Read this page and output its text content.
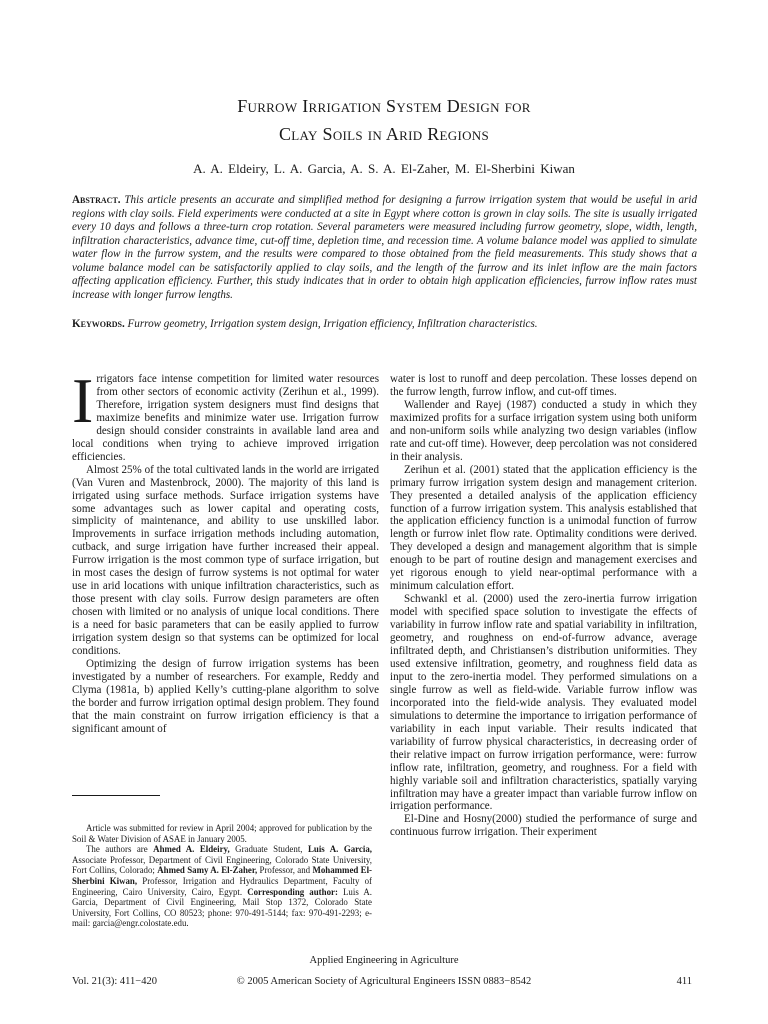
Furrow Irrigation System Design for
Clay Soils in Arid Regions
A. A. Eldeiry, L. A. Garcia, A. S. A. El-Zaher, M. El-Sherbini Kiwan
Abstract. This article presents an accurate and simplified method for designing a furrow irrigation system that would be useful in arid regions with clay soils. Field experiments were conducted at a site in Egypt where cotton is grown in clay soils. The site is usually irrigated every 10 days and follows a three-turn crop rotation. Several parameters were measured including furrow geometry, slope, width, length, infiltration characteristics, advance time, cut-off time, depletion time, and recession time. A volume balance model was applied to simulate water flow in the furrow system, and the results were compared to those obtained from the field measurements. This study shows that a volume balance model can be satisfactorily applied to clay soils, and the length of the furrow and its inlet inflow are the main factors affecting application efficiency. Further, this study indicates that in order to obtain high application efficiencies, furrow inflow rates must increase with longer furrow lengths.
Keywords. Furrow geometry, Irrigation system design, Irrigation efficiency, Infiltration characteristics.

Irrigators face intense competition for limited water resources from other sectors of economic activity (Zerihun et al., 1999). Therefore, irrigation system designers must find designs that maximize benefits and minimize water use. Irrigation furrow design should consider constraints in available land area and local conditions when trying to achieve improved irrigation efficiencies.

Almost 25% of the total cultivated lands in the world are irrigated (Van Vuren and Mastenbrock, 2000). The majority of this land is irrigated using surface methods. Surface irrigation systems have some advantages such as lower capital and operating costs, simplicity of maintenance, and ability to use unskilled labor. Improvements in surface irrigation methods including automation, cutback, and surge irrigation have further increased their appeal. Furrow irrigation is the most common type of surface irrigation, but in most cases the design of furrow systems is not optimal for water use in arid locations with unique infiltration characteristics, such as those present with clay soils. Furrow design parameters are often chosen with limited or no analysis of unique local conditions. There is a need for basic parameters that can be easily applied to furrow irrigation system design so that systems can be optimized for local conditions.

Optimizing the design of furrow irrigation systems has been investigated by a number of researchers. For example, Reddy and Clyma (1981a, b) applied Kelly’s cutting-plane algorithm to solve the border and furrow irrigation optimal design problem. They found that the main constraint on furrow irrigation efficiency is that a significant amount of

water is lost to runoff and deep percolation. These losses depend on the furrow length, furrow inflow, and cut-off times.

Wallender and Rayej (1987) conducted a study in which they maximized profits for a surface irrigation system using both uniform and non-uniform soils while analyzing two design variables (inflow rate and cut-off time). However, deep percolation was not considered in their analysis.

Zerihun et al. (2001) stated that the application efficiency is the primary furrow irrigation system design and management criterion. They presented a detailed analysis of the application efficiency function of a furrow irrigation system. This analysis established that the application efficiency function is a unimodal function of furrow length or furrow inlet flow rate. Optimality conditions were derived. They developed a design and management algorithm that is simple enough to be part of routine design and management exercises and yet rigorous enough to yield near-optimal performance with a minimum calculation effort.

Schwankl et al. (2000) used the zero-inertia furrow irrigation model with specified space solution to investigate the effects of variability in furrow inflow rate and spatial variability in infiltration, geometry, and roughness on end-of-furrow advance, average infiltrated depth, and Christiansen’s distribution uniformities. They used extensive infiltration, geometry, and roughness field data as input to the zero-inertia model. They performed simulations on a single furrow as well as field-wide. Variable furrow inflow was incorporated into the field-wide analysis. They evaluated model simulations to determine the importance to irrigation performance of variability in each input variable. Their results indicated that variability of furrow physical characteristics, in decreasing order of their relative impact on furrow irrigation performance, were: furrow inflow rate, infiltration, geometry, and roughness. For a field with highly variable soil and infiltration characteristics, spatially varying infiltration may have a greater impact than variable furrow inflow on irrigation performance.

El-Dine and Hosny(2000) studied the performance of surge and continuous furrow irrigation. Their experiment

Article was submitted for review in April 2004; approved for publication by the Soil & Water Division of ASAE in January 2005.

The authors are Ahmed A. Eldeiry, Graduate Student, Luis A. Garcia, Associate Professor, Department of Civil Engineering, Colorado State University, Fort Collins, Colorado; Ahmed Samy A. El-Zaher, Professor, and Mohammed El-Sherbini Kiwan, Professor, Irrigation and Hydraulics Department, Faculty of Engineering, Cairo University, Cairo, Egypt. Corresponding author: Luis A. Garcia, Department of Civil Engineering, Mail Stop 1372, Colorado State University, Fort Collins, CO 80523; phone: 970-491-5144; fax: 970-491-2293; e-mail: garcia@engr.colostate.edu.

Applied Engineering in Agriculture
Vol. 21(3): 411−420	© 2005 American Society of Agricultural Engineers ISSN 0883−8542	411
